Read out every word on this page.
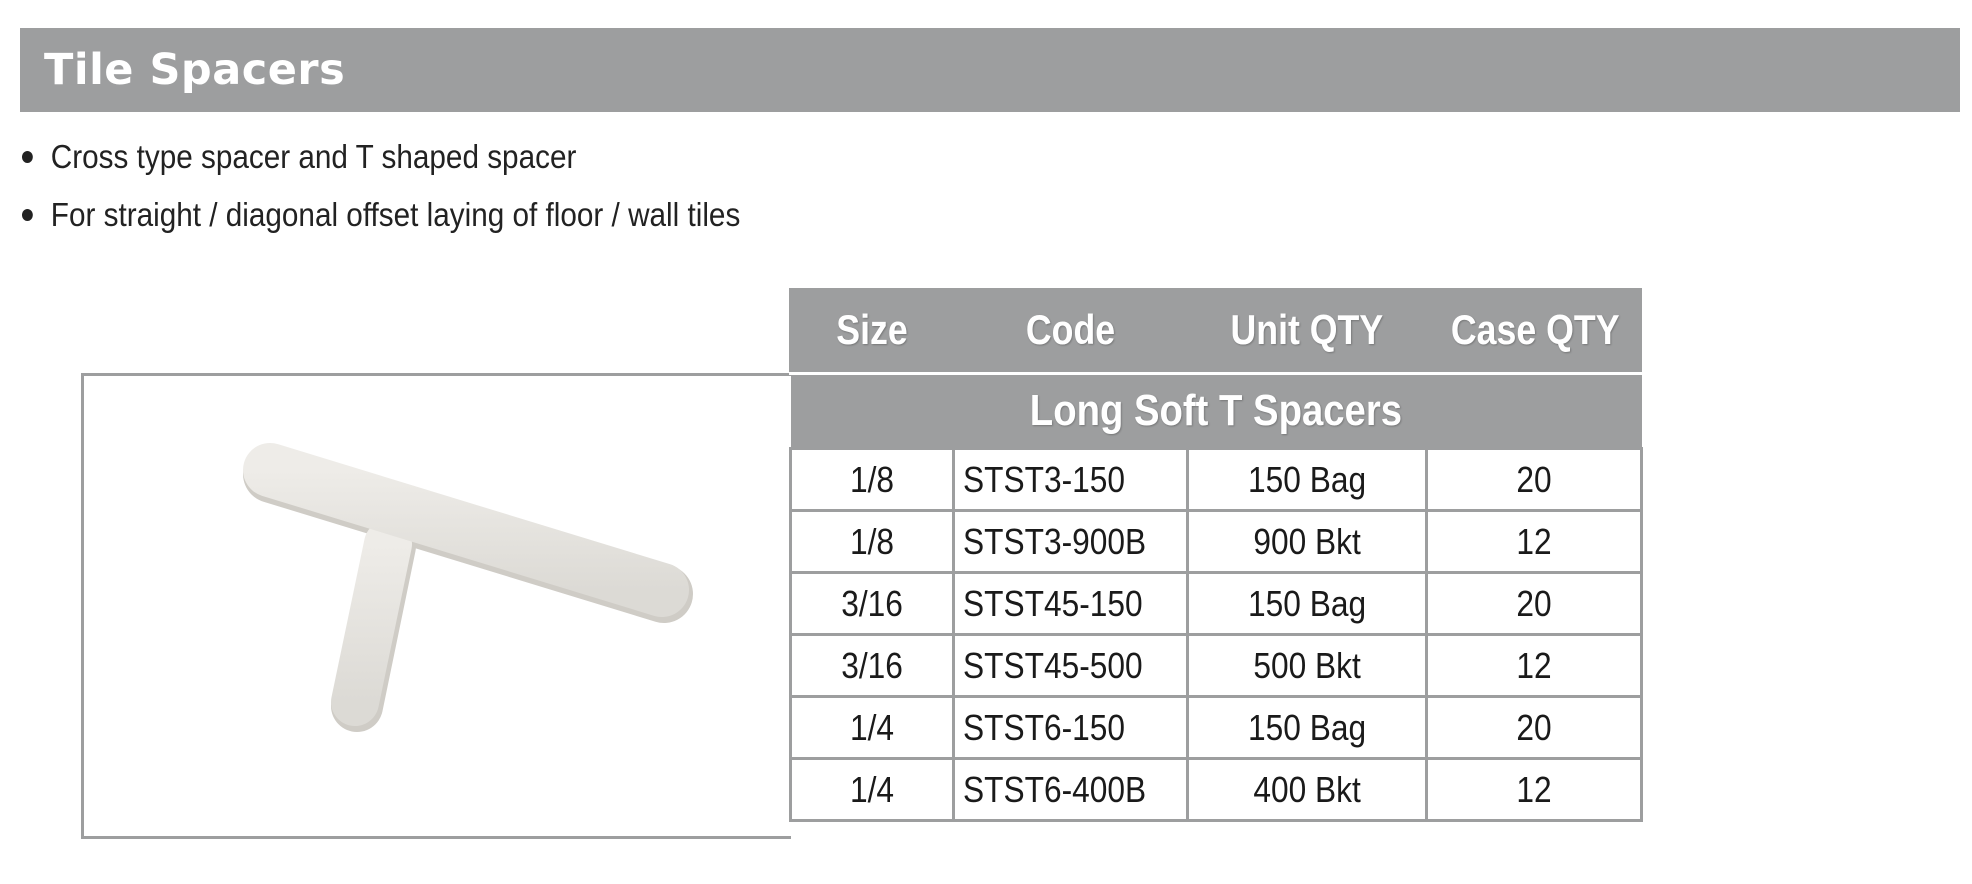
Tile Spacers
Cross type spacer and T shaped spacer
For straight / diagonal offset laying of floor / wall tiles
Size	Code	Unit QTY	Case QTY
Long Soft T Spacers			
1/8	STST3-150	150 Bag	20
1/8	STST3-900B	900 Bkt	12
3/16	STST45-150	150 Bag	20
3/16	STST45-500	500 Bkt	12
1/4	STST6-150	150 Bag	20
1/4	STST6-400B	400 Bkt	12
